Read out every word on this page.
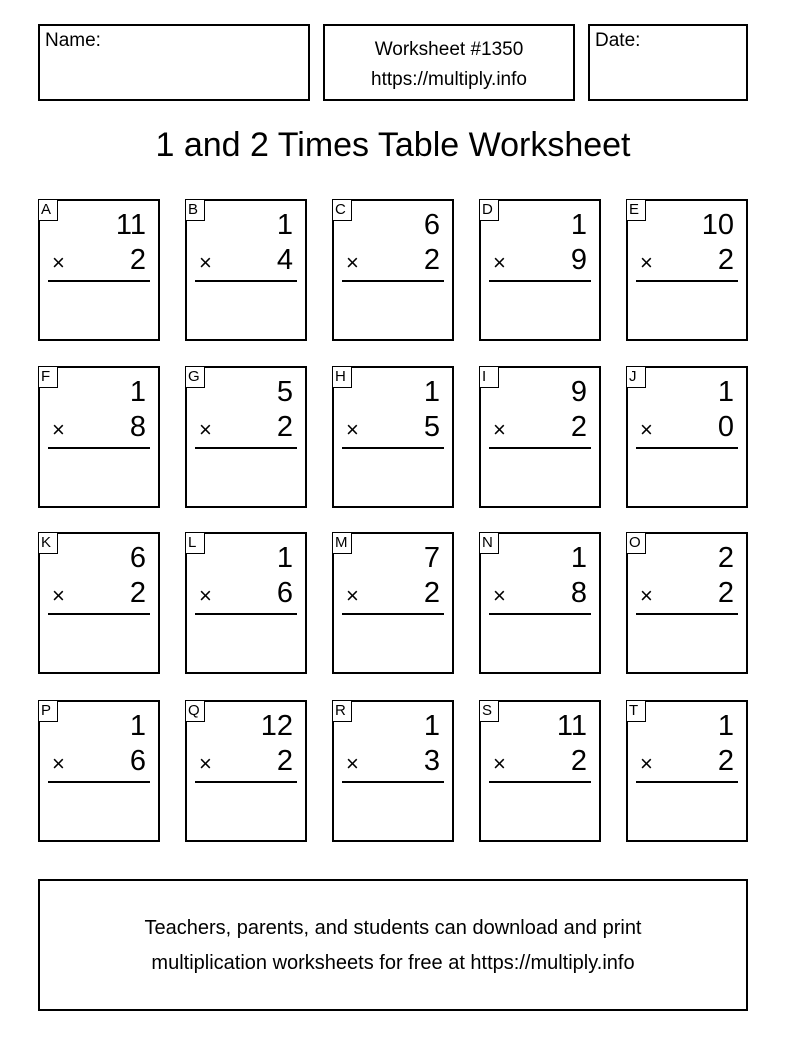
Name:	Worksheet #1350
https://multiply.info
Date:
1 and 2 Times Table Worksheet
A 11
× 2
B	1
× 4
C	6
× 2
D	1
× 9
E 10
× 2
F	1
× 8
G	5
× 2
H	1
× 5
I	9
× 2
J	1
× 0
K	6
× 2
L	1
× 6
M	7
× 2
N	1
× 8
O	2
× 2
P	1
× 6
Q 12
× 2
R	1
× 3
S 11
× 2
T	1
× 2
Teachers, parents, and students can download and print
multiplication worksheets for free at https://multiply.info
